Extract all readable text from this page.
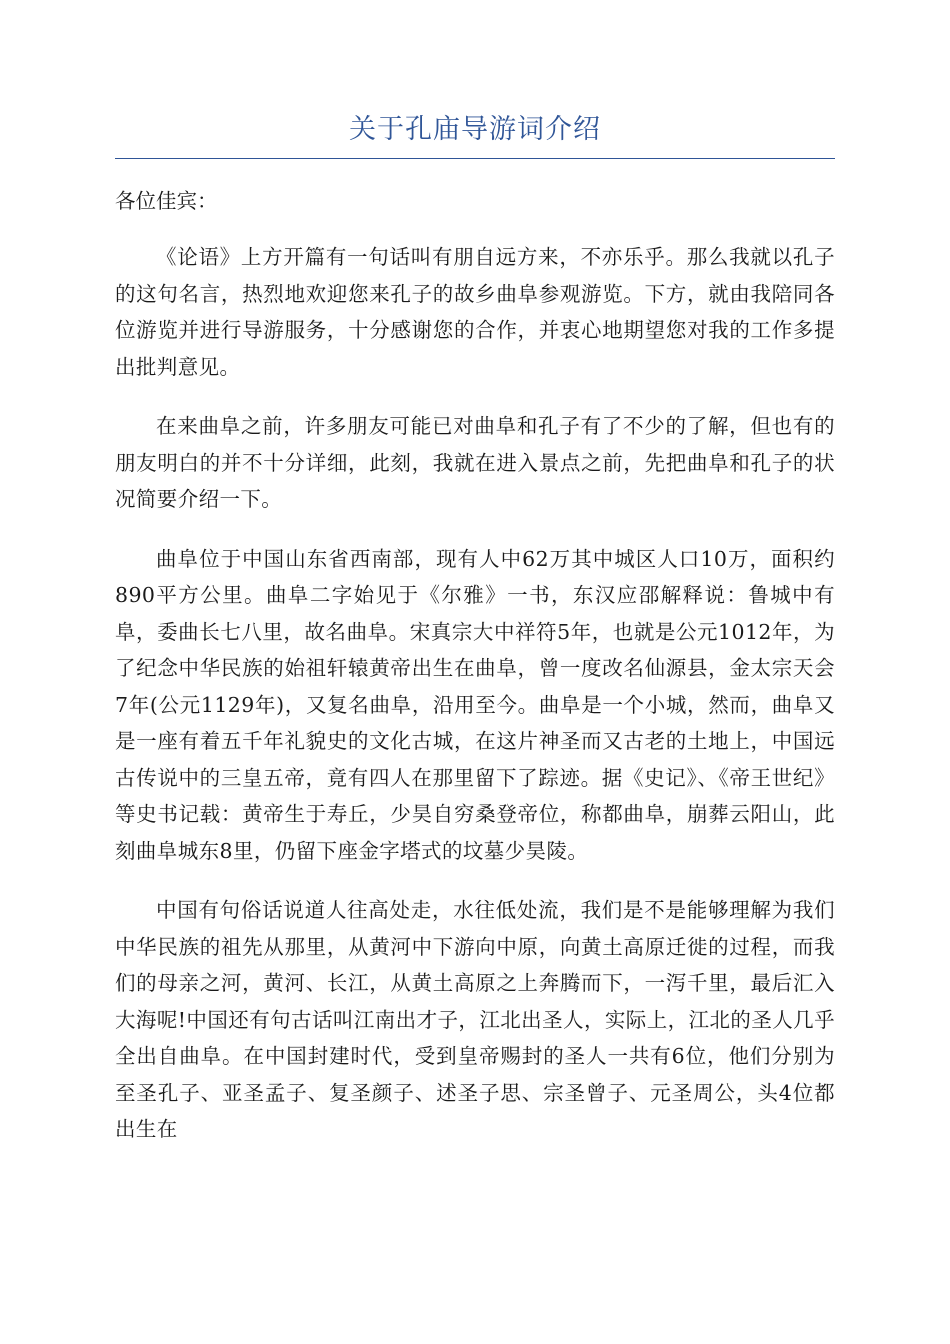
关于孔庙导游词介绍

各位佳宾：

《论语》上方开篇有一句话叫有朋自远方来，不亦乐乎。那么我就以孔子的这句名言，热烈地欢迎您来孔子的故乡曲阜参观游览。下方，就由我陪同各位游览并进行导游服务，十分感谢您的合作，并衷心地期望您对我的工作多提出批判意见。

在来曲阜之前，许多朋友可能已对曲阜和孔子有了不少的了解，但也有的朋友明白的并不十分详细，此刻，我就在进入景点之前，先把曲阜和孔子的状况简要介绍一下。

曲阜位于中国山东省西南部，现有人中62万其中城区人口10万，面积约890平方公里。曲阜二字始见于《尔雅》一书，东汉应邵解释说：鲁城中有阜，委曲长七八里，故名曲阜。宋真宗大中祥符5年，也就是公元1012年，为了纪念中华民族的始祖轩辕黄帝出生在曲阜，曾一度改名仙源县，金太宗天会7年(公元1129年)，又复名曲阜，沿用至今。曲阜是一个小城，然而，曲阜又是一座有着五千年礼貌史的文化古城，在这片神圣而又古老的土地上，中国远古传说中的三皇五帝，竟有四人在那里留下了踪迹。据《史记》、《帝王世纪》等史书记载：黄帝生于寿丘，少昊自穷桑登帝位，称都曲阜，崩葬云阳山，此刻曲阜城东8里，仍留下座金字塔式的坟墓少昊陵。

中国有句俗话说道人往高处走，水往低处流，我们是不是能够理解为我们中华民族的祖先从那里，从黄河中下游向中原，向黄土高原迁徙的过程，而我们的母亲之河，黄河、长江，从黄土高原之上奔腾而下，一泻千里，最后汇入大海呢!中国还有句古话叫江南出才子，江北出圣人，实际上，江北的圣人几乎全出自曲阜。在中国封建时代，受到皇帝赐封的圣人一共有6位，他们分别为至圣孔子、亚圣孟子、复圣颜子、述圣子思、宗圣曾子、元圣周公，头4位都出生在
